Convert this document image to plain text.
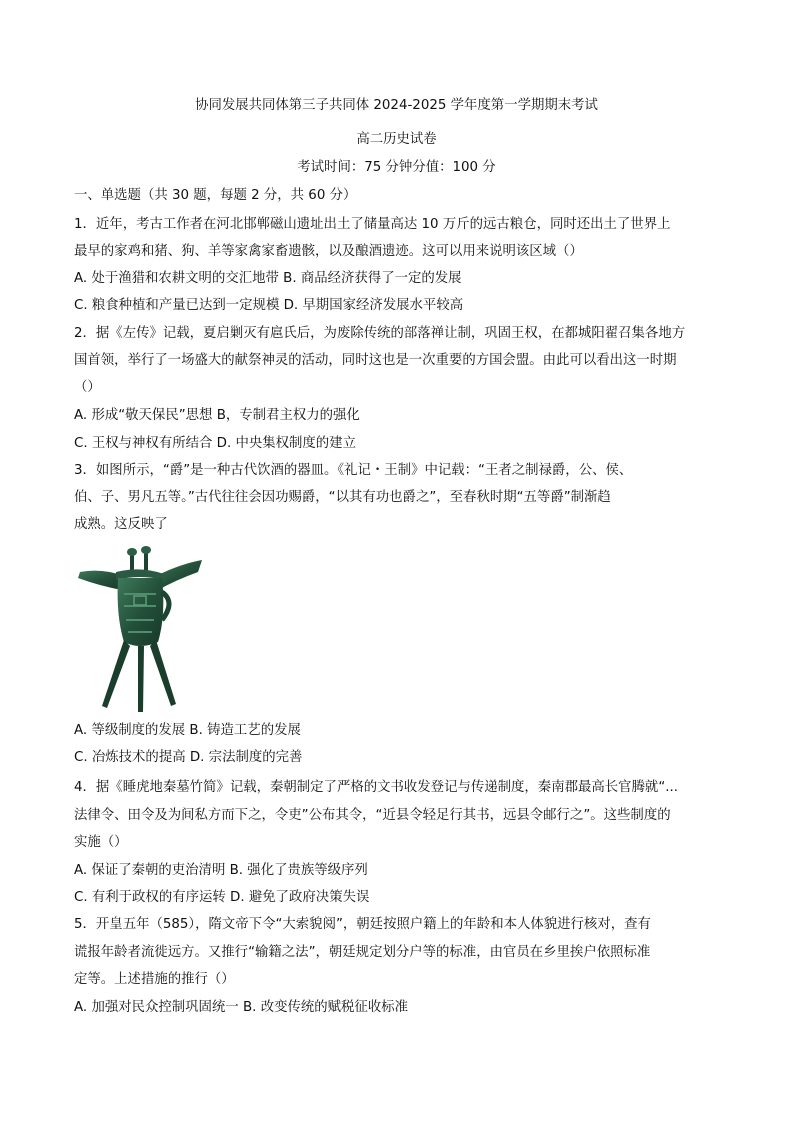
协同发展共同体第三子共同体 2024-2025 学年度第一学期期末考试
高二历史试卷
考试时间：75 分钟分值：100 分
一、单选题（共 30 题，每题 2 分，共 60 分）
1．近年，考古工作者在河北邯郸磁山遗址出土了储量高达 10 万斤的远古粮仓，同时还出土了世界上
最早的家鸡和猪、狗、羊等家禽家畜遗骸，以及酿酒遗迹。这可以用来说明该区域（）
A. 处于渔猎和农耕文明的交汇地带 B. 商品经济获得了一定的发展
C. 粮食种植和产量已达到一定规模 D. 早期国家经济发展水平较高
2．据《左传》记载，夏启剿灭有扈氏后，为废除传统的部落禅让制，巩固王权，在都城阳翟召集各地方
国首领，举行了一场盛大的献祭神灵的活动，同时这也是一次重要的方国会盟。由此可以看出这一时期
（）
A. 形成“敬天保民”思想 B，专制君主权力的强化
C. 王权与神权有所结合 D. 中央集权制度的建立
3．如图所示，“爵”是一种古代饮酒的器皿。《礼记・王制》中记载：“王者之制禄爵，公、侯、
伯、子、男凡五等。”古代往往会因功赐爵，“以其有功也爵之”，至春秋时期“五等爵”制渐趋
成熟。这反映了
A. 等级制度的发展 B. 铸造工艺的发展
C. 冶炼技术的提高 D. 宗法制度的完善
4．据《睡虎地秦墓竹简》记载，秦朝制定了严格的文书收发登记与传递制度，秦南郡最高长官腾就“...
法律令、田令及为间私方而下之，令吏”公布其令，“近县令轻足行其书，远县令邮行之”。这些制度的
实施（）
A. 保证了秦朝的吏治清明 B. 强化了贵族等级序列
C. 有利于政权的有序运转 D. 避免了政府决策失误
5．开皇五年（585），隋文帝下令“大索貌阅”，朝廷按照户籍上的年龄和本人体貌进行核对，查有
谎报年龄者流徙远方。又推行“输籍之法”，朝廷规定划分户等的标准，由官员在乡里挨户依照标准
定等。上述措施的推行（）
A. 加强对民众控制巩固统一 B. 改变传统的赋税征收标准
